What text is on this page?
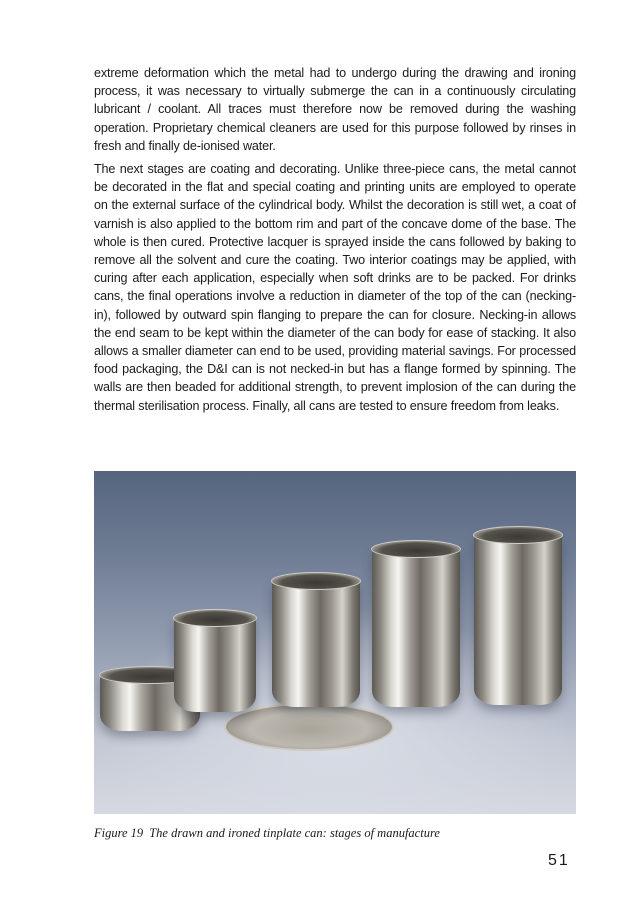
extreme deformation which the metal had to undergo during the drawing and ironing process, it was necessary to virtually submerge the can in a continuously circulating lubricant / coolant. All traces must therefore now be removed during the washing operation. Proprietary chemical cleaners are used for this purpose followed by rinses in fresh and finally de-ionised water.

The next stages are coating and decorating. Unlike three-piece cans, the metal cannot be decorated in the flat and special coating and printing units are employed to operate on the external surface of the cylindrical body. Whilst the decoration is still wet, a coat of varnish is also applied to the bottom rim and part of the concave dome of the base. The whole is then cured. Protective lacquer is sprayed inside the cans followed by baking to remove all the solvent and cure the coating. Two interior coatings may be applied, with curing after each application, especially when soft drinks are to be packed. For drinks cans, the final operations involve a reduction in diameter of the top of the can (necking-in), followed by outward spin flanging to prepare the can for closure. Necking-in allows the end seam to be kept within the diameter of the can body for ease of stacking. It also allows a smaller diameter can end to be used, providing material savings. For processed food packaging, the D&I can is not necked-in but has a flange formed by spinning. The walls are then beaded for additional strength, to prevent implosion of the can during the thermal sterilisation process. Finally, all cans are tested to ensure freedom from leaks.

Figure 19 The drawn and ironed tinplate can: stages of manufacture

51
